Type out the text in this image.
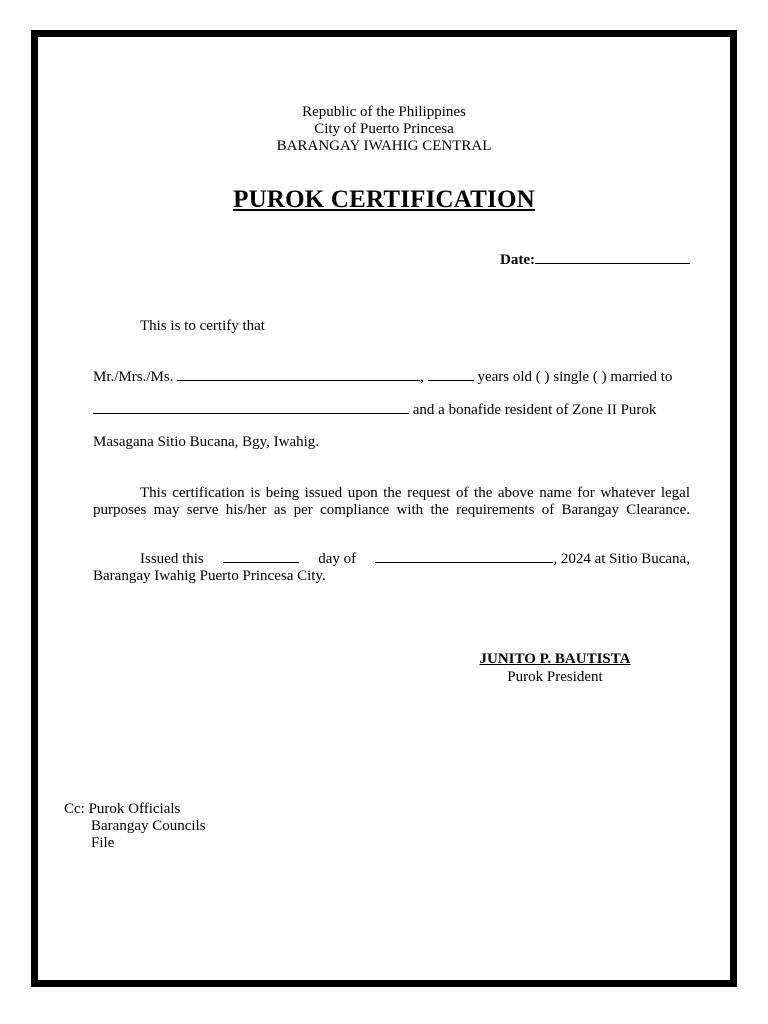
Republic of the Philippines
City of Puerto Princesa
BARANGAY IWAHIG CENTRAL
PUROK CERTIFICATION
Date:
This is to certify that
Mr./Mrs./Ms.	,	years old ( ) single ( ) married to
and a bonafide resident of Zone II Purok
Masagana Sitio Bucana, Bgy, Iwahig.
This certification is being issued upon the request of the above name for whatever legal
purposes may serve his/her as per compliance with the requirements of Barangay Clearance.
Issued this	day of	, 2024 at Sitio Bucana,
Barangay Iwahig Puerto Princesa City.
JUNITO P. BAUTISTA
Purok President
Cc: Purok Officials
Barangay Councils
File
